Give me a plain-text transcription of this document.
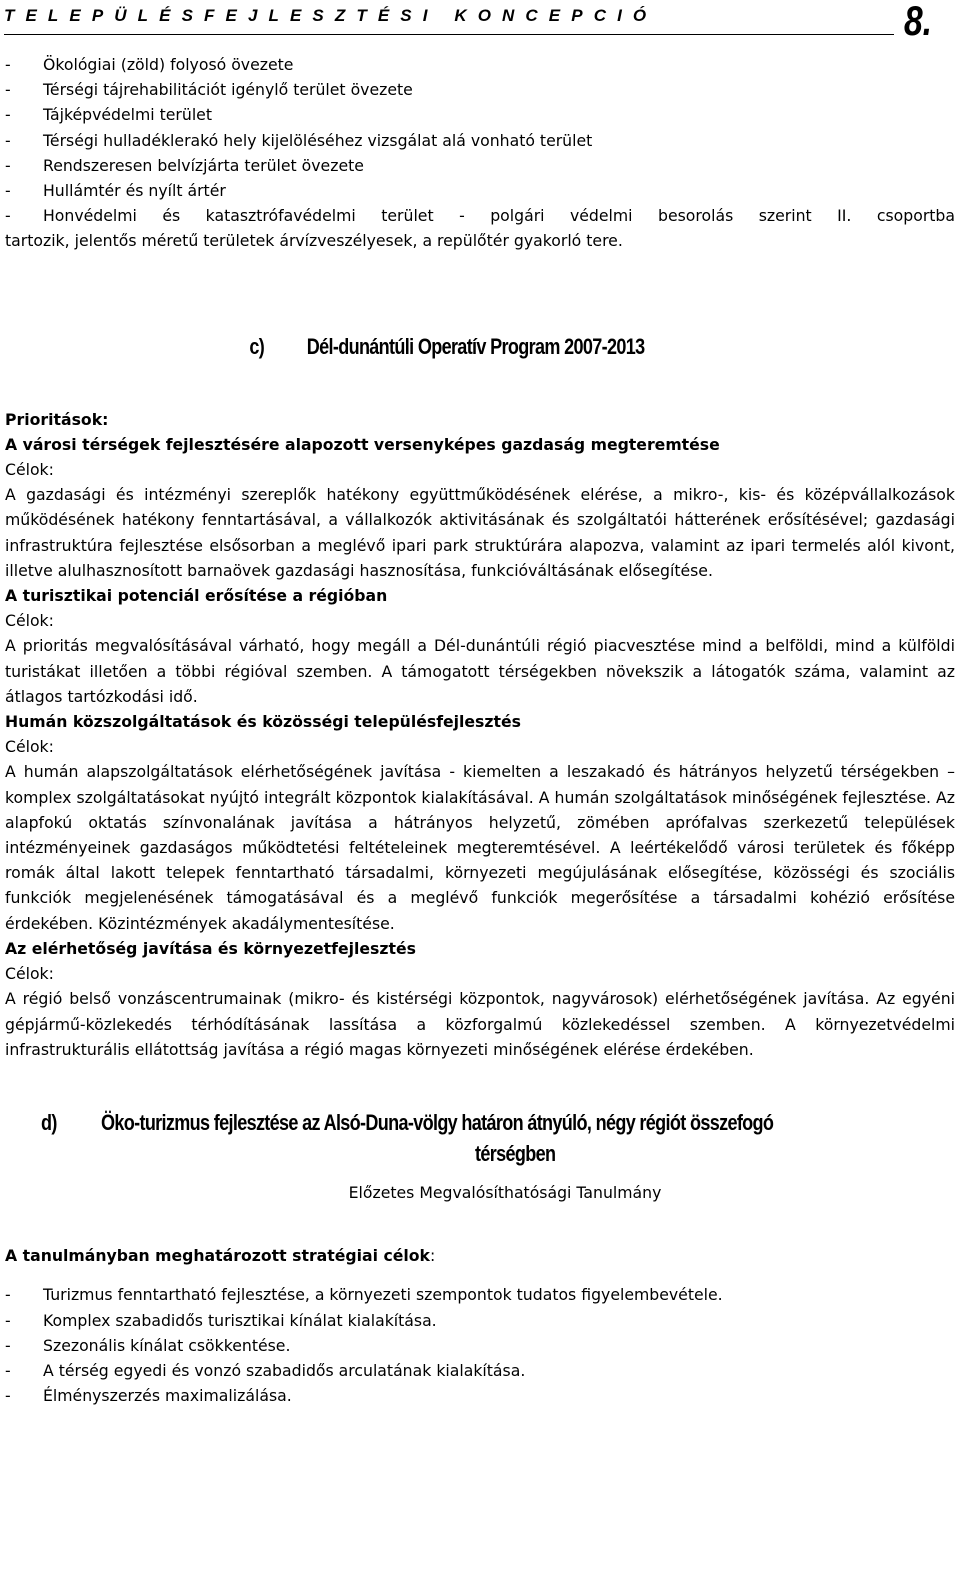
TELEPÜLÉSFEJLESZTÉSI KONCEPCIÓ	8.
-	Ökológiai (zöld) folyosó övezete
-	Térségi tájrehabilitációt igénylő terület övezete
-	Tájképvédelmi terület
-	Térségi hulladéklerakó hely kijelöléséhez vizsgálat alá vonható terület
-	Rendszeresen belvízjárta terület övezete
-	Hullámtér és nyílt ártér
-	Honvédelmi és katasztrófavédelmi terület - polgári védelmi besorolás szerint II. csoportba
tartozik, jelentős méretű területek árvízveszélyesek, a repülőtér gyakorló tere.
c) Dél-dunántúli Operatív Program 2007-2013
Prioritások:
A városi térségek fejlesztésére alapozott versenyképes gazdaság megteremtése
Célok:
A gazdasági és intézményi szereplők hatékony együttműködésének elérése, a mikro-, kis- és középvállalkozások működésének hatékony fenntartásával, a vállalkozók aktivitásának és szolgáltatói hátterének erősítésével; gazdasági infrastruktúra fejlesztése elsősorban a meglévő ipari park struktúrára alapozva, valamint az ipari termelés alól kivont, illetve alulhasznosított barnaövek gazdasági hasznosítása, funkcióváltásának elősegítése.
A turisztikai potenciál erősítése a régióban
Célok:
A prioritás megvalósításával várható, hogy megáll a Dél-dunántúli régió piacvesztése mind a belföldi, mind a külföldi turistákat illetően a többi régióval szemben. A támogatott térségekben növekszik a látogatók száma, valamint az átlagos tartózkodási idő.
Humán közszolgáltatások és közösségi településfejlesztés
Célok:
A humán alapszolgáltatások elérhetőségének javítása - kiemelten a leszakadó és hátrányos helyzetű térségekben – komplex szolgáltatásokat nyújtó integrált központok kialakításával. A humán szolgáltatások minőségének fejlesztése. Az alapfokú oktatás színvonalának javítása a hátrányos helyzetű, zömében aprófalvas szerkezetű települések intézményeinek gazdaságos működtetési feltételeinek megteremtésével. A leértékelődő városi területek és főképp romák által lakott telepek fenntartható társadalmi, környezeti megújulásának elősegítése, közösségi és szociális funkciók megjelenésének támogatásával és a meglévő funkciók megerősítése a társadalmi kohézió erősítése érdekében. Közintézmények akadálymentesítése.
Az elérhetőség javítása és környezetfejlesztés
Célok:
A régió belső vonzáscentrumainak (mikro- és kistérségi központok, nagyvárosok) elérhetőségének javítása. Az egyéni gépjármű-közlekedés térhódításának lassítása a közforgalmú közlekedéssel szemben. A környezetvédelmi infrastrukturális ellátottság javítása a régió magas környezeti minőségének elérése érdekében.
d) Öko-turizmus fejlesztése az Alsó-Duna-völgy határon átnyúló, négy régiót összefogó
térségben
Előzetes Megvalósíthatósági Tanulmány
A tanulmányban meghatározott stratégiai célok:
-	Turizmus fenntartható fejlesztése, a környezeti szempontok tudatos figyelembevétele.
-	Komplex szabadidős turisztikai kínálat kialakítása.
-	Szezonális kínálat csökkentése.
-	A térség egyedi és vonzó szabadidős arculatának kialakítása.
-	Élményszerzés maximalizálása.
